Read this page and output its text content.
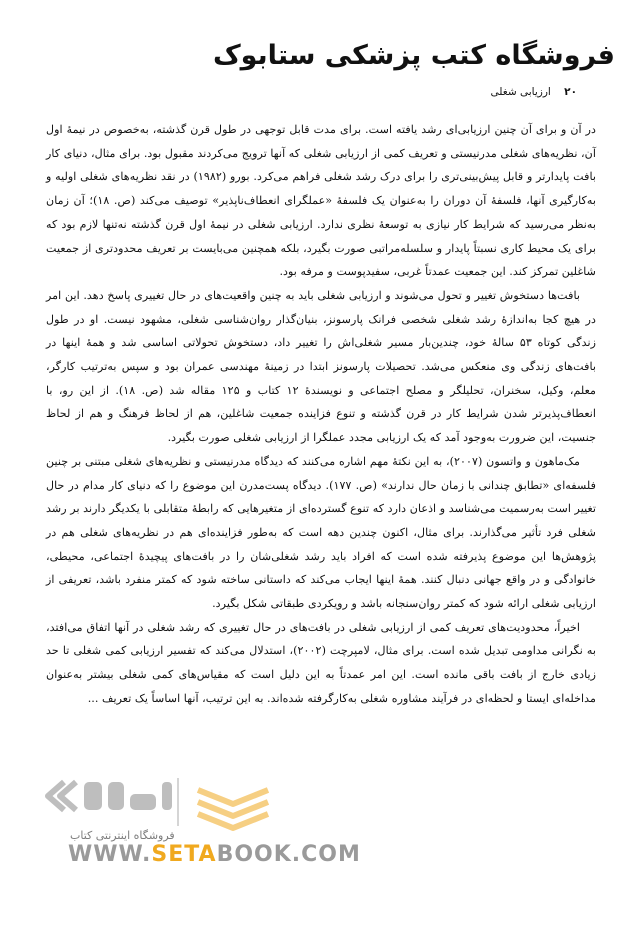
فروشگاه کتب پزشکی ستابوک
۲۰ ارزیابی شغلی

در آن و برای آن چنین ارزیابی‌ای رشد یافته است. برای مدت قابل توجهی در طول قرن گذشته، به‌خصوص در نیمهٔ اول آن، نظریه‌های شغلی مدرنیستی و تعریف کمی از ارزیابی شغلی که آنها ترویج می‌کردند مقبول بود. برای مثال، دنیای کار بافت پایدارتر و قابل پیش‌بینی‌تری را برای درک رشد شغلی فراهم می‌کرد. بورو (۱۹۸۲) در نقد نظریه‌های شغلی اولیه و به‌کارگیری آنها، فلسفهٔ آن دوران را به‌عنوان یک فلسفهٔ «عملگرای انعطاف‌ناپذیر» توصیف می‌کند (ص. ۱۸)؛ آن زمان به‌نظر می‌رسید که شرایط کار نیازی به توسعهٔ نظری ندارد. ارزیابی شغلی در نیمهٔ اول قرن گذشته نه‌تنها لازم بود که برای یک محیط کاری نسبتاً پایدار و سلسله‌مراتبی صورت بگیرد، بلکه همچنین می‌بایست بر تعریف محدودتری از جمعیت شاغلین تمرکز کند. این جمعیت عمدتاً غربی، سفیدپوست و مرفه بود.

بافت‌ها دستخوش تغییر و تحول می‌شوند و ارزیابی شغلی باید به چنین واقعیت‌های در حال تغییری پاسخ دهد. این امر در هیچ کجا به‌اندازهٔ رشد شغلی شخصی فرانک پارسونز، بنیان‌گذار روان‌شناسی شغلی، مشهود نیست. او در طول زندگی کوتاه ۵۳ سالهٔ خود، چندین‌بار مسیر شغلی‌اش را تغییر داد، دستخوش تحولاتی اساسی شد و همهٔ اینها در بافت‌های زندگی وی منعکس می‌شد. تحصیلات پارسونز ابتدا در زمینهٔ مهندسی عمران بود و سپس به‌ترتیب کارگر، معلم، وکیل، سخنران، تحلیلگر و مصلح اجتماعی و نویسندهٔ ۱۲ کتاب و ۱۲۵ مقاله شد (ص. ۱۸). از این رو، با انعطاف‌پذیرتر شدن شرایط کار در قرن گذشته و تنوع فزاینده جمعیت شاغلین، هم از لحاظ فرهنگ و هم از لحاظ جنسیت، این ضرورت به‌وجود آمد که یک ارزیابی مجدد عملگرا از ارزیابی شغلی صورت بگیرد.

مک‌ماهون و واتسون (۲۰۰۷)، به این نکتهٔ مهم اشاره می‌کنند که دیدگاه مدرنیستی و نظریه‌های شغلی مبتنی بر چنین فلسفه‌ای «تطابق چندانی با زمان حال ندارند» (ص. ۱۷۷). دیدگاه پست‌مدرن این موضوع را که دنیای کار مدام در حال تغییر است به‌رسمیت می‌شناسد و اذعان دارد که تنوع گسترده‌ای از متغیرهایی که رابطهٔ متقابلی با یکدیگر دارند بر رشد شغلی فرد تأثیر می‌گذارند. برای مثال، اکنون چندین دهه است که به‌طور فزاینده‌ای هم در نظریه‌های شغلی هم در پژوهش‌ها این موضوع پذیرفته شده است که افراد باید رشد شغلی‌شان را در بافت‌های پیچیدهٔ اجتماعی، محیطی، خانوادگی و در واقع جهانی دنبال کنند. همهٔ اینها ایجاب می‌کند که داستانی ساخته شود که کمتر منفرد باشد، تعریفی از ارزیابی شغلی ارائه شود که کمتر روان‌سنجانه باشد و رویکردی طبقاتی شکل بگیرد.

اخیراً، محدودیت‌های تعریف کمی از ارزیابی شغلی در بافت‌های در حال تغییری که رشد شغلی در آنها اتفاق می‌افتد، به نگرانی مداومی تبدیل شده است. برای مثال، لامپرچت (۲۰۰۲)، استدلال می‌کند که تفسیر ارزیابی کمی شغلی تا حد زیادی خارج از بافت باقی مانده است. این امر عمدتاً به این دلیل است که مقیاس‌های کمی شغلی بیشتر به‌عنوان مداخله‌ای ایستا و لحظه‌ای در فرآیند مشاوره شغلی به‌کارگرفته شده‌اند. به این ترتیب، آنها اساساً یک تعریف ...

فروشگاه اینترنتی کتاب
WWW.SETABOOK.COM
